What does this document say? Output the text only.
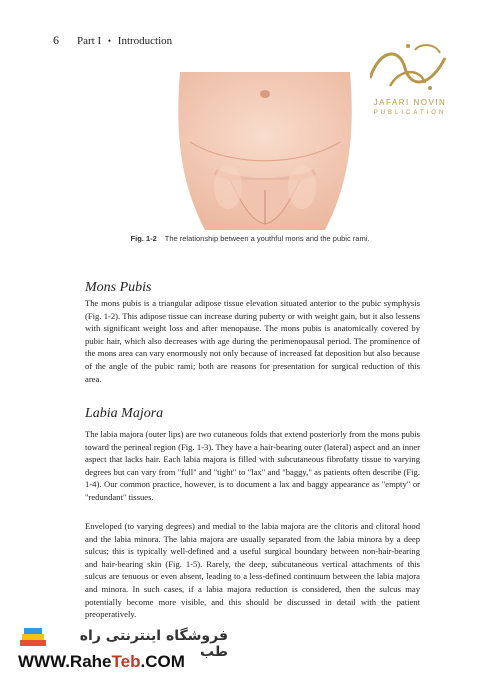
6 Part I • Introduction
JAFARI NOVIN
PUBLICATION
Fig. 1-2 The relationship between a youthful mons and the pubic rami.
Mons Pubis

The mons pubis is a triangular adipose tissue elevation situated anterior to the pubic symphysis (Fig. 1-2). This adipose tissue can increase during puberty or with weight gain, but it also lessens with significant weight loss and after menopause. The mons pubis is anatomically covered by pubic hair, which also decreases with age during the perimenopausal period. The prominence of the mons area can vary enormously not only because of increased fat deposition but also because of the angle of the pubic rami; both are reasons for presentation for surgical reduction of this area.

Labia Majora

The labia majora (outer lips) are two cutaneous folds that extend posteriorly from the mons pubis toward the perineal region (Fig. 1-3). They have a hair-bearing outer (lateral) aspect and an inner aspect that lacks hair. Each labia majora is filled with subcutaneous fibrofatty tissue to varying degrees but can vary from "full" and "tight" to "lax" and "baggy," as patients often describe (Fig. 1-4). Our common practice, however, is to document a lax and baggy appearance as "empty" or "redundant" tissues.

Enveloped (to varying degrees) and medial to the labia majora are the clitoris and clitoral hood and the labia minora. The labia majora are usually separated from the labia minora by a deep sulcus; this is typically well-defined and a useful surgical boundary between non-hair-bearing and hair-bearing skin (Fig. 1-5). Rarely, the deep, subcutaneous vertical attachments of this sulcus are tenuous or even absent, leading to a less-defined continuum between the labia majora and minora. In such cases, if a labia majora reduction is considered, then the sulcus may potentially become more visible, and this should be discussed in detail with the patient preoperatively.

فروشگاه اینترنتی راه طب
WWW.RaheTeb.COM
